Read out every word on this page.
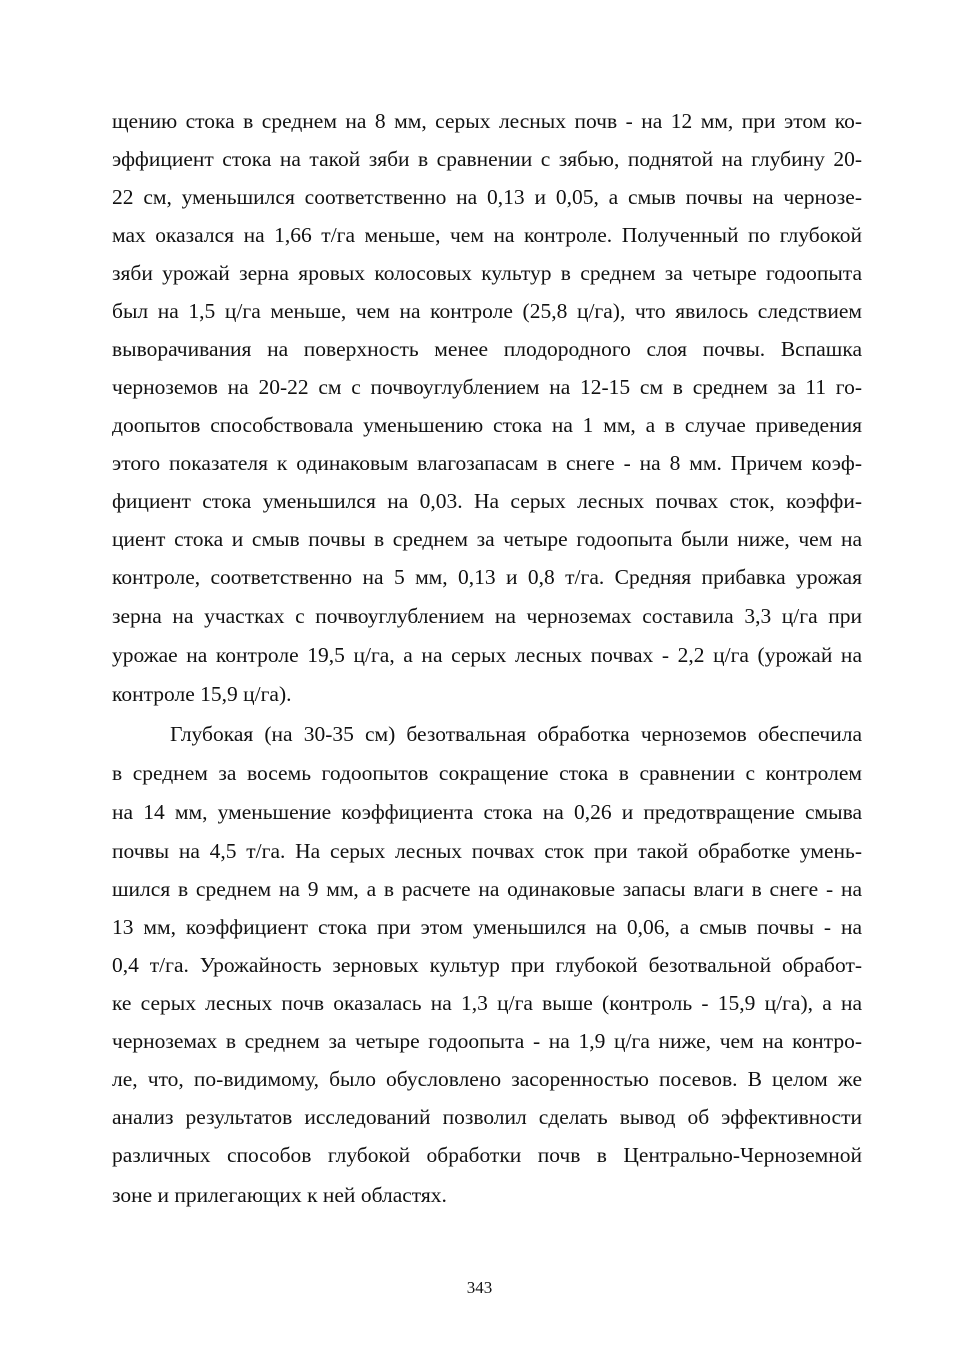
щению стока в среднем на 8 мм, серых лесных почв - на 12 мм, при этом ко-
эффициент стока на такой зяби в сравнении с зябью, поднятой на глубину 20-
22 см, уменьшился соответственно на 0,13 и 0,05, а смыв почвы на чернозе-
мах оказался на 1,66 т/га меньше, чем на контроле. Полученный по глубокой
зяби урожай зерна яровых колосовых культур в среднем за четыре годоопыта
был на 1,5 ц/га меньше, чем на контроле (25,8 ц/га), что явилось следствием
выворачивания на поверхность менее плодородного слоя почвы. Вспашка
черноземов на 20-22 см с почвоуглублением на 12-15 см в среднем за 11 го-
доопытов способствовала уменьшению стока на 1 мм, а в случае приведения
этого показателя к одинаковым влагозапасам в снеге - на 8 мм. Причем коэф-
фициент стока уменьшился на 0,03. На серых лесных почвах сток, коэффи-
циент стока и смыв почвы в среднем за четыре годоопыта были ниже, чем на
контроле, соответственно на 5 мм, 0,13 и 0,8 т/га. Средняя прибавка урожая
зерна на участках с почвоуглублением на черноземах составила 3,3 ц/га при
урожае на контроле 19,5 ц/га, а на серых лесных почвах - 2,2 ц/га (урожай на
контроле 15,9 ц/га).
Глубокая (на 30-35 см) безотвальная обработка черноземов обеспечила
в среднем за восемь годоопытов сокращение стока в сравнении с контролем
на 14 мм, уменьшение коэффициента стока на 0,26 и предотвращение смыва
почвы на 4,5 т/га. На серых лесных почвах сток при такой обработке умень-
шился в среднем на 9 мм, а в расчете на одинаковые запасы влаги в снеге - на
13 мм, коэффициент стока при этом уменьшился на 0,06, а смыв почвы - на
0,4 т/га. Урожайность зерновых культур при глубокой безотвальной обработ-
ке серых лесных почв оказалась на 1,3 ц/га выше (контроль - 15,9 ц/га), а на
черноземах в среднем за четыре годоопыта - на 1,9 ц/га ниже, чем на контро-
ле, что, по-видимому, было обусловлено засоренностью посевов. В целом же
анализ результатов исследований позволил сделать вывод об эффективности
различных способов глубокой обработки почв в Центрально-Черноземной
зоне и прилегающих к ней областях.
343
